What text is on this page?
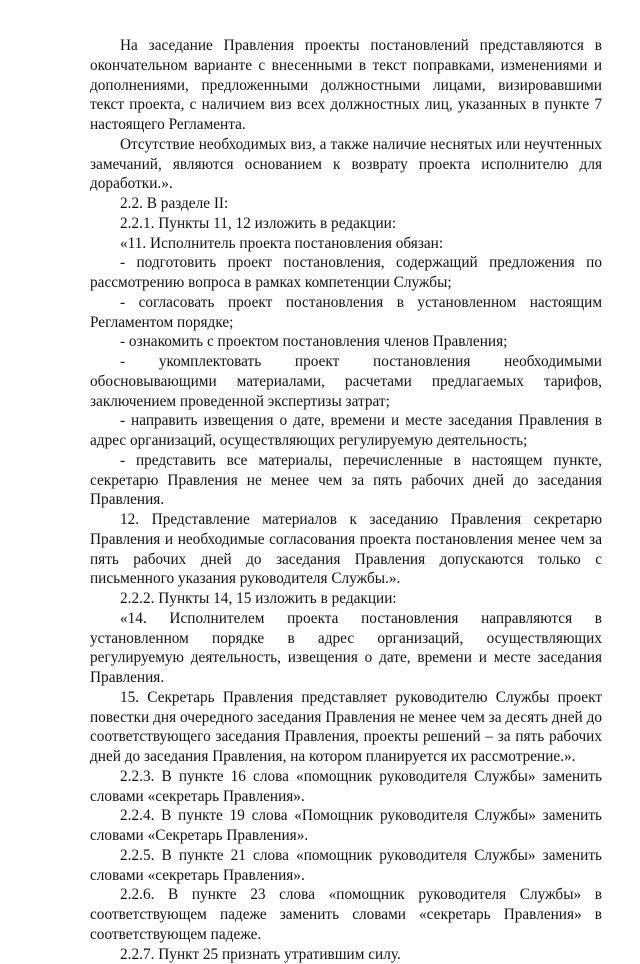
На заседание Правления проекты постановлений представляются в окончательном варианте с внесенными в текст поправками, изменениями и дополнениями, предложенными должностными лицами, визировавшими текст проекта, с наличием виз всех должностных лиц, указанных в пункте 7 настоящего Регламента.

Отсутствие необходимых виз, а также наличие неснятых или неучтенных замечаний, являются основанием к возврату проекта исполнителю для доработки.».

2.2. В разделе II:

2.2.1. Пункты 11, 12 изложить в редакции:

«11. Исполнитель проекта постановления обязан:

- подготовить проект постановления, содержащий предложения по рассмотрению вопроса в рамках компетенции Службы;

- согласовать проект постановления в установленном настоящим Регламентом порядке;

- ознакомить с проектом постановления членов Правления;

- укомплектовать проект постановления необходимыми обосновывающими материалами, расчетами предлагаемых тарифов, заключением проведенной экспертизы затрат;

- направить извещения о дате, времени и месте заседания Правления в адрес организаций, осуществляющих регулируемую деятельность;

- представить все материалы, перечисленные в настоящем пункте, секретарю Правления не менее чем за пять рабочих дней до заседания Правления.

12. Представление материалов к заседанию Правления секретарю Правления и необходимые согласования проекта постановления менее чем за пять рабочих дней до заседания Правления допускаются только с письменного указания руководителя Службы.».

2.2.2. Пункты 14, 15 изложить в редакции:

«14. Исполнителем проекта постановления направляются в установленном порядке в адрес организаций, осуществляющих регулируемую деятельность, извещения о дате, времени и месте заседания Правления.

15. Секретарь Правления представляет руководителю Службы проект повестки дня очередного заседания Правления не менее чем за десять дней до соответствующего заседания Правления, проекты решений – за пять рабочих дней до заседания Правления, на котором планируется их рассмотрение.».

2.2.3. В пункте 16 слова «помощник руководителя Службы» заменить словами «секретарь Правления».

2.2.4. В пункте 19 слова «Помощник руководителя Службы» заменить словами «Секретарь Правления».

2.2.5. В пункте 21 слова «помощник руководителя Службы» заменить словами «секретарь Правления».

2.2.6. В пункте 23 слова «помощник руководителя Службы» в соответствующем падеже заменить словами «секретарь Правления» в соответствующем падеже.

2.2.7. Пункт 25 признать утратившим силу.
